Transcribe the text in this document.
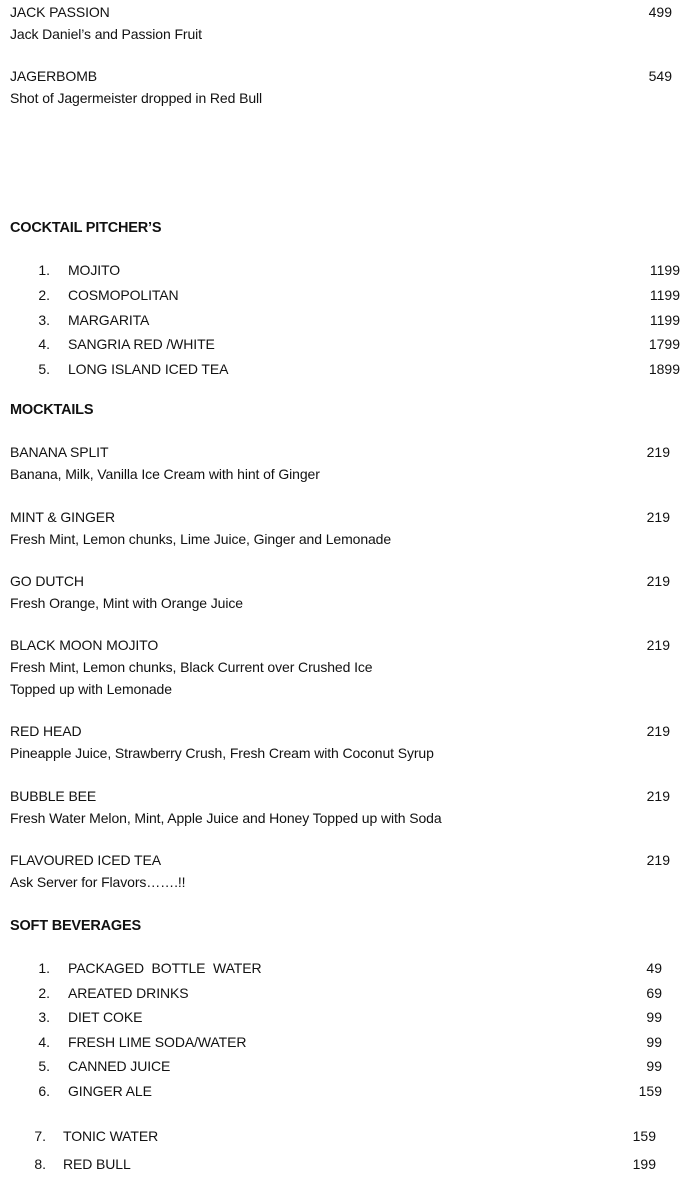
JACK PASSION	499
Jack Daniel’s and Passion Fruit
JAGERBOMB	549
Shot of Jagermeister dropped in Red Bull
COCKTAIL PITCHER’S
1. MOJITO	1199
2. COSMOPOLITAN	1199
3. MARGARITA	1199
4. SANGRIA RED /WHITE	1799
5. LONG ISLAND ICED TEA	1899
MOCKTAILS
BANANA SPLIT	219
Banana, Milk, Vanilla Ice Cream with hint of Ginger
MINT & GINGER	219
Fresh Mint, Lemon chunks, Lime Juice, Ginger and Lemonade
GO DUTCH	219
Fresh Orange, Mint with Orange Juice
BLACK MOON MOJITO	219
Fresh Mint, Lemon chunks, Black Current over Crushed Ice
Topped up with Lemonade
RED HEAD	219
Pineapple Juice, Strawberry Crush, Fresh Cream with Coconut Syrup
BUBBLE BEE	219
Fresh Water Melon, Mint, Apple Juice and Honey Topped up with Soda
FLAVOURED ICED TEA	219
Ask Server for Flavors…….!!
SOFT BEVERAGES
1. PACKAGED  BOTTLE  WATER	49
2. AREATED DRINKS	69
3. DIET COKE	99
4. FRESH LIME SODA/WATER	99
5. CANNED JUICE	99
6. GINGER ALE	159
7. TONIC WATER	159
8. RED BULL	199
